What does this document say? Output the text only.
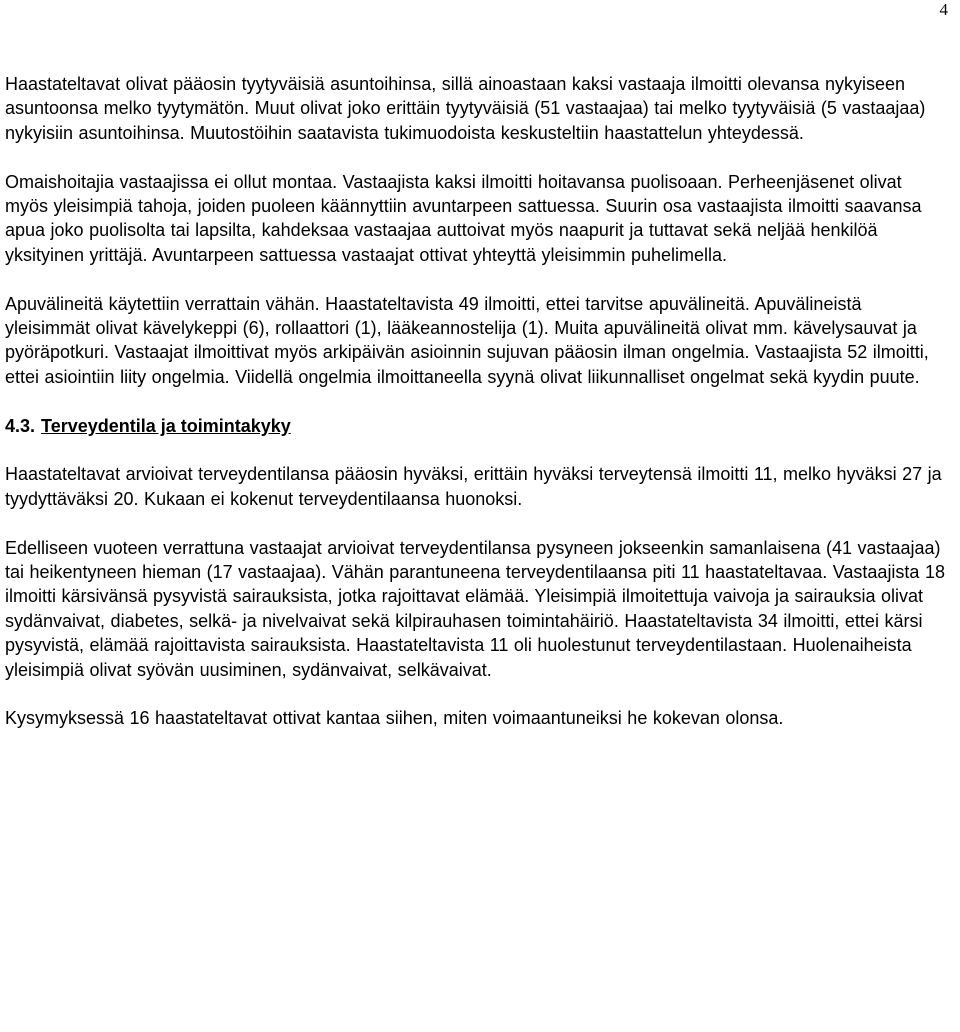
4

Haastateltavat olivat pääosin tyytyväisiä asuntoihinsa, sillä ainoastaan kaksi vastaaja ilmoitti olevansa nykyiseen asuntoonsa melko tyytymätön. Muut olivat joko erittäin tyytyväisiä (51 vastaajaa) tai melko tyytyväisiä (5 vastaajaa) nykyisiin asuntoihinsa. Muutostöihin saatavista tukimuodoista keskusteltiin haastattelun yhteydessä.

Omaishoitajia vastaajissa ei ollut montaa. Vastaajista kaksi ilmoitti hoitavansa puolisoaan. Perheenjäsenet olivat myös yleisimpiä tahoja, joiden puoleen käännyttiin avuntarpeen sattuessa. Suurin osa vastaajista ilmoitti saavansa apua joko puolisolta tai lapsilta, kahdeksaa vastaajaa auttoivat myös naapurit ja tuttavat sekä neljää henkilöä yksityinen yrittäjä. Avuntarpeen sattuessa vastaajat ottivat yhteyttä yleisimmin puhelimella.

Apuvälineitä käytettiin verrattain vähän. Haastateltavista 49 ilmoitti, ettei tarvitse apuvälineitä. Apuvälineistä yleisimmät olivat kävelykeppi (6), rollaattori (1), lääkeannostelija (1). Muita apuvälineitä olivat mm. kävelysauvat ja pyöräpotkuri. Vastaajat ilmoittivat myös arkipäivän asioinnin sujuvan pääosin ilman ongelmia. Vastaajista 52 ilmoitti, ettei asiointiin liity ongelmia. Viidellä ongelmia ilmoittaneella syynä olivat liikunnalliset ongelmat sekä kyydin puute.

4.3. Terveydentila ja toimintakyky

Haastateltavat arvioivat terveydentilansa pääosin hyväksi, erittäin hyväksi terveytensä ilmoitti 11, melko hyväksi 27 ja tyydyttäväksi 20. Kukaan ei kokenut terveydentilaansa huonoksi.

Edelliseen vuoteen verrattuna vastaajat arvioivat terveydentilansa pysyneen jokseenkin samanlaisena (41 vastaajaa) tai heikentyneen hieman (17 vastaajaa). Vähän parantuneena terveydentilaansa piti 11 haastateltavaa. Vastaajista 18 ilmoitti kärsivänsä pysyvistä sairauksista, jotka rajoittavat elämää. Yleisimpiä ilmoitettuja vaivoja ja sairauksia olivat sydänvaivat, diabetes, selkä- ja nivelvaivat sekä kilpirauhasen toimintahäiriö. Haastateltavista 34 ilmoitti, ettei kärsi pysyvistä, elämää rajoittavista sairauksista. Haastateltavista 11 oli huolestunut terveydentilastaan. Huolenaiheista yleisimpiä olivat syövän uusiminen, sydänvaivat, selkävaivat.

Kysymyksessä 16 haastateltavat ottivat kantaa siihen, miten voimaantuneiksi he kokevan olonsa.
